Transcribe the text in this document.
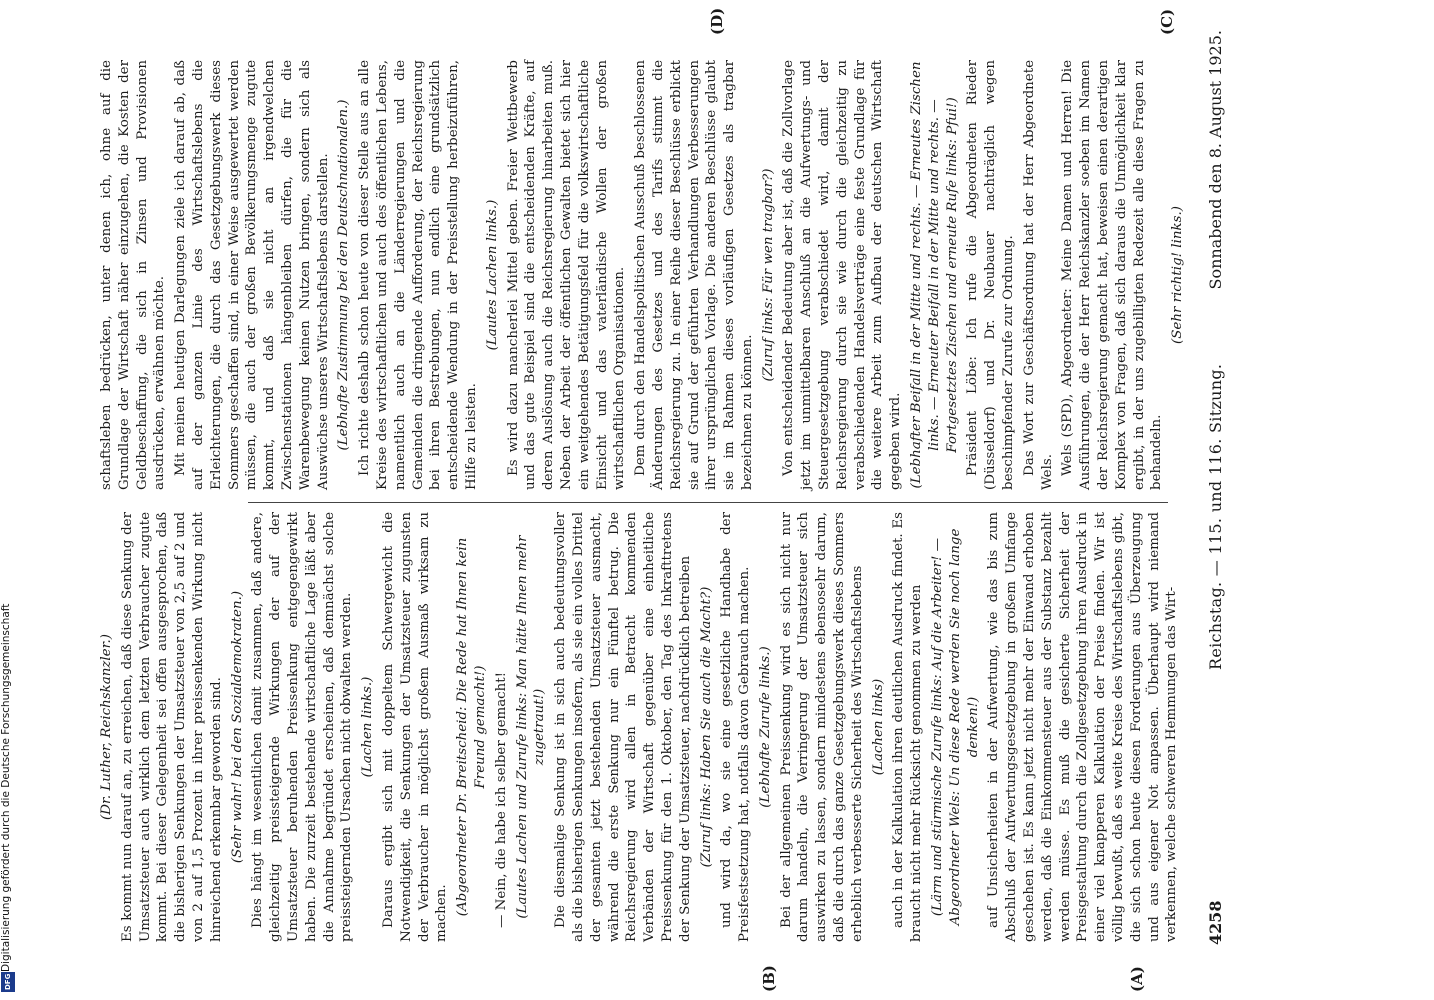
4258
Reichstag. — 115. und 116. Sitzung.
Sonnabend den 8. August 1925.
(A)
(B)
(C)
(D)

(Dr. Luther, Reichskanzler.) Es kommt nun darauf an, zu erreichen, daß diese Senkung der Umsatzsteuer auch wirklich dem letzten Verbraucher zugute kommt. Bei dieser Gelegenheit sei offen ausgesprochen, daß die bisherigen Senkungen der Umsatzsteuer von 2,5 auf 2 und von 2 auf 1,5 Prozent in ihrer preissenkenden Wirkung nicht hinreichend erkennbar geworden sind. (Sehr wahr! bei den Sozialdemokraten.) Dies hängt im wesentlichen damit zusammen, daß andere, gleichzeitig preissteigernde Wirkungen der auf der Umsatzsteuer beruhenden Preissenkung entgegengewirkt haben. Die zurzeit bestehende wirtschaftliche Lage läßt aber die Annahme begründet erscheinen, daß demnächst solche preissteigernden Ursachen nicht obwalten werden. (Lachen links.) Daraus ergibt sich mit doppeltem Schwergewicht die Notwendigkeit, die Senkungen der Umsatzsteuer zugunsten der Verbraucher in möglichst großem Ausmaß wirksam zu machen. (Abgeordneter Dr. Breitscheid: Die Rede hat Ihnen kein Freund gemacht!) — Nein, die habe ich selber gemacht! (Lautes Lachen und Zurufe links: Man hätte Ihnen mehr zugetraut!) Die diesmalige Senkung ist in sich auch bedeutungsvoller als die bisherigen Senkungen insofern, als sie ein volles Drittel der gesamten jetzt bestehenden Umsatzsteuer ausmacht, während die erste Senkung nur ein Fünftel betrug. Die Reichsregierung wird allen in Betracht kommenden Verbänden der Wirtschaft gegenüber eine einheitliche Preissenkung für den 1. Oktober, den Tag des Inkrafttretens der Senkung der Umsatzsteuer, nachdrücklich betreiben (Zuruf links: Haben Sie auch die Macht?) und wird da, wo sie eine gesetzliche Handhabe der Preisfestsetzung hat, notfalls davon Gebrauch machen. (Lebhafte Zurufe links.) Bei der allgemeinen Preissenkung wird es sich nicht nur darum handeln, die Verringerung der Umsatzsteuer sich auswirken zu lassen, sondern mindestens ebensosehr darum, daß die durch das ganze Gesetzgebungswerk dieses Sommers erheblich verbesserte Sicherheit des Wirtschaftslebens (Lachen links) auch in der Kalkulation ihren deutlichen Ausdruck findet. Es braucht nicht mehr Rücksicht genommen zu werden (Lärm und stürmische Zurufe links: Auf die Arbeiter! — Abgeordneter Wels: Un diese Rede werden Sie noch lange denken!) auf Unsicherheiten in der Aufwertung, wie das bis zum Abschluß der Aufwertungsgesetzgebung in großem Umfange geschehen ist. Es kann jetzt nicht mehr der Einwand erhoben werden, daß die Einkommensteuer aus der Substanz bezahlt werden müsse. Es muß die gesicherte Sicherheit der Preisgestaltung durch die Zollgesetzgebung ihren Ausdruck in einer viel knapperen Kalkulation der Preise finden. Wir ist völlig bewußt, daß es weite Kreise des Wirtschaftslebens gibt, die sich schon heute diesen Forderungen aus Überzeugung und aus eigener Not anpassen. Überhaupt wird niemand verkennen, welche schweren Hemmungen das Wirt-

schaftsleben bedrücken, unter denen ich, ohne auf die Grundlage der Wirtschaft näher einzugehen, die Kosten der Geldbeschaffung, die sich in Zinsen und Provisionen ausdrücken, erwähnen möchte. Mit meinen heutigen Darlegungen ziele ich darauf ab, daß auf der ganzen Linie des Wirtschaftslebens die Erleichterungen, die durch das Gesetzgebungswerk dieses Sommers geschaffen sind, in einer Weise ausgewertet werden müssen, die auch der großen Bevölkerungsmenge zugute kommt, und daß sie nicht an irgendwelchen Zwischenstationen hängenbleiben dürfen, die für die Warenbewegung keinen Nutzen bringen, sondern sich als Auswüchse unseres Wirtschaftslebens darstellen. (Lebhafte Zustimmung bei den Deutschnationalen.) Ich richte deshalb schon heute von dieser Stelle aus an alle Kreise des wirtschaftlichen und auch des öffentlichen Lebens, namentlich auch an die Länderregierungen und die Gemeinden die dringende Aufforderung, der Reichsregierung bei ihren Bestrebungen, nun endlich eine grundsätzlich entscheidende Wendung in der Preisstellung herbeizuführen, Hilfe zu leisten.

(Lautes Lachen links.) Es wird dazu mancherlei Mittel geben. Freier Wettbewerb und das gute Beispiel sind die entscheidenden Kräfte, auf deren Auslösung auch die Reichsregierung hinarbeiten muß. Neben der Arbeit der öffentlichen Gewalten bietet sich hier ein weitgehendes Betätigungsfeld für die volkswirtschaftliche Einsicht und das vaterländische Wollen der großen wirtschaftlichen Organisationen. Dem durch den Handelspolitischen Ausschuß beschlossenen Änderungen des Gesetzes und des Tarifs stimmt die Reichsregierung zu. In einer Reihe dieser Beschlüsse erblickt sie auf Grund der geführten Verhandlungen Verbesserungen ihrer ursprünglichen Vorlage. Die anderen Beschlüsse glaubt sie im Rahmen dieses vorläufigen Gesetzes als tragbar bezeichnen zu können.

(Zuruf links: Für wen tragbar?) Von entscheidender Bedeutung aber ist, daß die Zollvorlage jetzt im unmittelbaren Anschluß an die Aufwertungs- und Steuergesetzgebung verabschiedet wird, damit der Reichsregierung durch sie wie durch die gleichzeitig zu verabschiedenden Handelsverträge eine feste Grundlage für die weitere Arbeit zum Aufbau der deutschen Wirtschaft gegeben wird. (Lebhafter Beifall in der Mitte und rechts. — Erneutes Zischen links. — Erneuter Beifall in der Mitte und rechts. — Fortgesetztes Zischen und erneute Rufe links: Pfui!) Präsident Löbe: Ich rufe die Abgeordneten Rieder (Düsseldorf) und Dr. Neubauer nachträglich wegen beschimpfender Zurufe zur Ordnung. Das Wort zur Geschäftsordnung hat der Herr Abgeordnete Wels. Wels (SPD), Abgeordneter: Meine Damen und Herren! Die Ausführungen, die der Herr Reichskanzler soeben im Namen der Reichsregierung gemacht hat, beweisen einen derartigen Komplex von Fragen, daß sich daraus die Unmöglichkeit klar ergibt, in der uns zugebilligten Redezeit alle diese Fragen zu behandeln.

(Sehr richtig! links.)

Digitalisierung gefördert durch die Deutsche Forschungsgemeinschaft
DFG
